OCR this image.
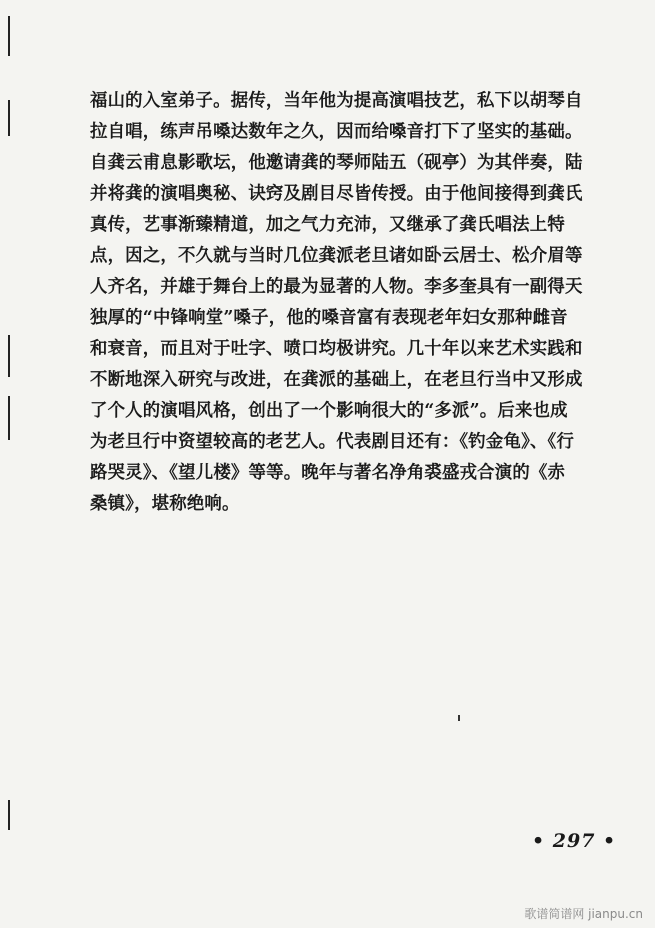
福山的入室弟子。据传，当年他为提高演唱技艺，私下以胡琴自
拉自唱，练声吊嗓达数年之久，因而给嗓音打下了坚实的基础。
自龚云甫息影歌坛，他邀请龚的琴师陆五（砚亭）为其伴奏，陆
并将龚的演唱奥秘、诀窍及剧目尽皆传授。由于他间接得到龚氏
真传，艺事渐臻精道，加之气力充沛，又继承了龚氏唱法上特
点，因之，不久就与当时几位龚派老旦诸如卧云居士、松介眉等
人齐名，并雄于舞台上的最为显著的人物。李多奎具有一副得天
独厚的“中锋响堂”嗓子，他的嗓音富有表现老年妇女那种雌音
和衰音，而且对于吐字、喷口均极讲究。几十年以来艺术实践和
不断地深入研究与改进，在龚派的基础上，在老旦行当中又形成
了个人的演唱风格，创出了一个影响很大的“多派”。后来也成
为老旦行中资望较高的老艺人。代表剧目还有：《钓金龟》、《行
路哭灵》、《望儿楼》等等。晚年与著名净角裘盛戎合演的《赤
桑镇》，堪称绝响。
• 297 •
歌谱简谱网 jianpu.cn
